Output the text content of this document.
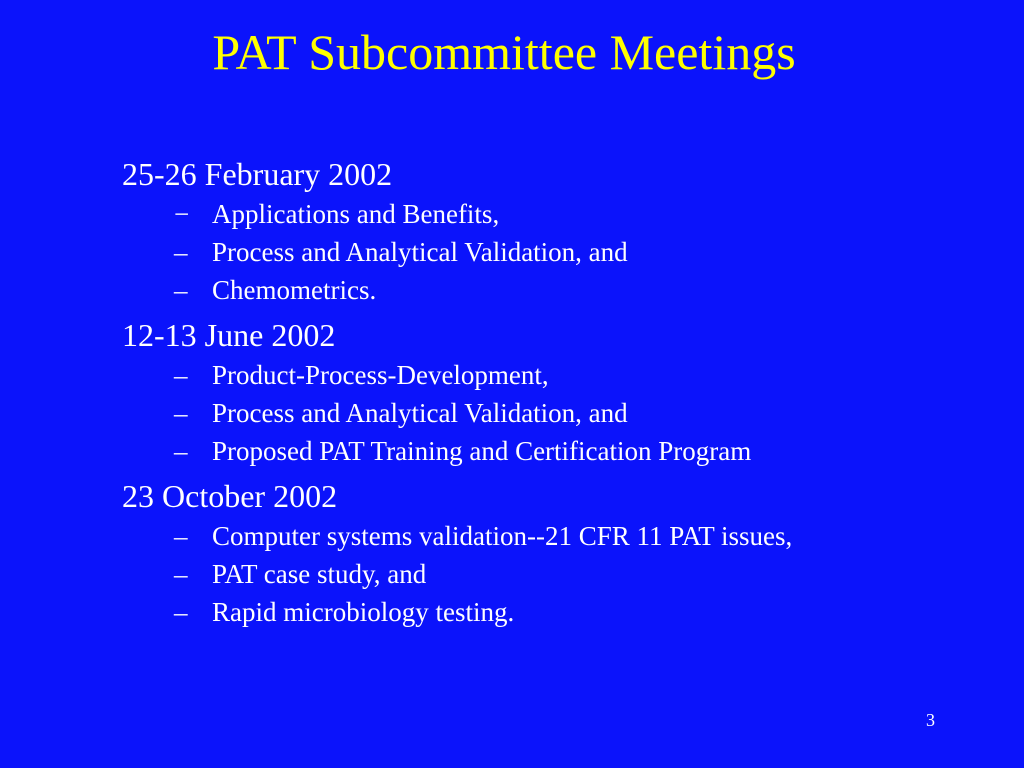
PAT Subcommittee Meetings
25-26 February 2002
− Applications and Benefits,
– Process and Analytical Validation, and
– Chemometrics.
12-13 June 2002
– Product-Process-Development,
– Process and Analytical Validation, and
– Proposed PAT Training and Certification Program
23 October 2002
– Computer systems validation--21 CFR 11 PAT issues,
– PAT case study, and
– Rapid microbiology testing.
3
